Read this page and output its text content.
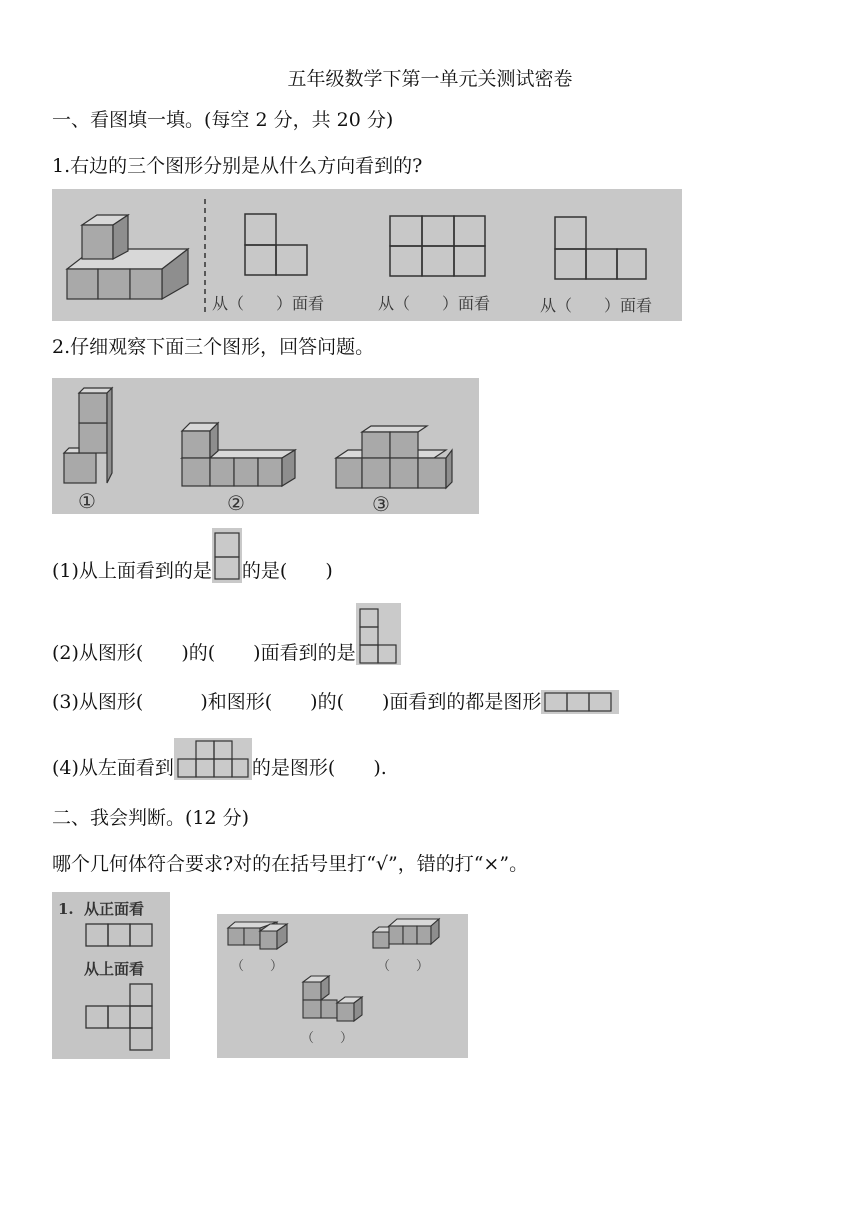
五年级数学下第一单元关测试密卷
一、看图填一填。(每空 2 分，共 20 分)
1.右边的三个图形分别是从什么方向看到的?
从（　　）面看	从（　　）面看	从（　　）面看
2.仔细观察下面三个图形，回答问题。
①	②	③
(1)从上面看到的是 的是(　　)
(2)从图形(　　)的(　　)面看到的是
(3)从图形(　　　)和图形(　　)的(　　)面看到的都是图形
(4)从左面看到	的是图形(　　).
二、我会判断。(12 分)
哪个几何体符合要求?对的在括号里打“√”，错的打“×”。
1. 从正面看
从上面看	（　　）	（　　）
（　　）
